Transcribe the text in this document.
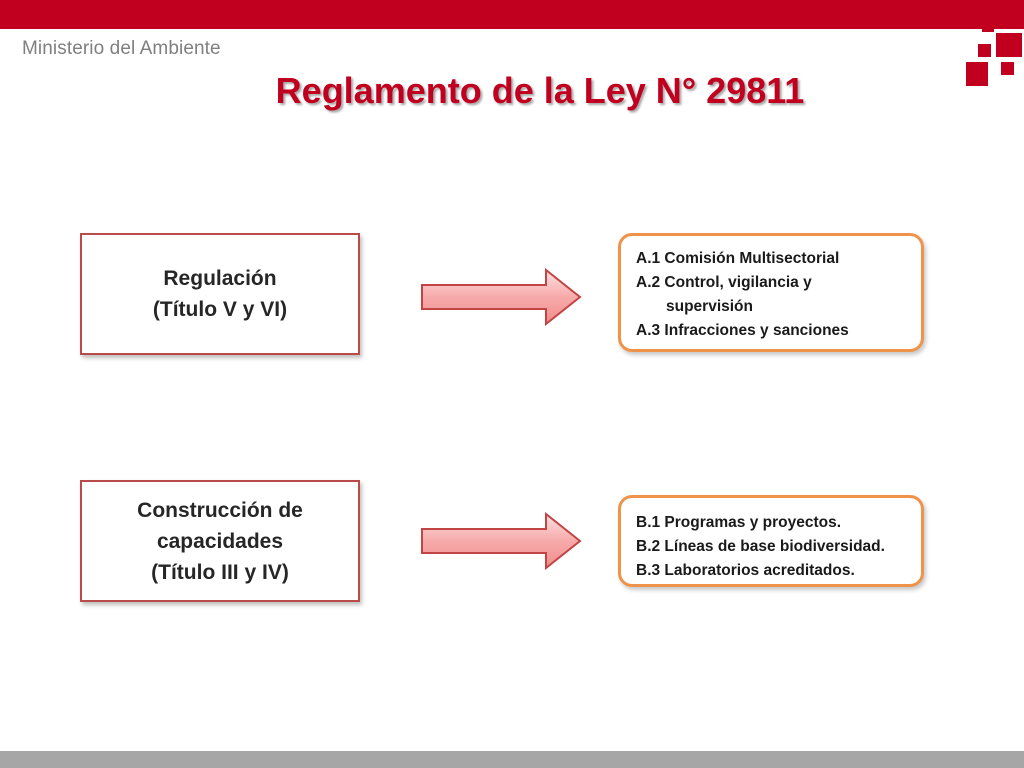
Ministerio del Ambiente
Reglamento de la Ley N° 29811
Regulación
(Título V y VI)
A.1 Comisión Multisectorial
A.2 Control, vigilancia y
supervisión
A.3 Infracciones y sanciones
Construcción de
capacidades
(Título III y IV)
B.1 Programas y proyectos.
B.2 Líneas de base biodiversidad.
B.3 Laboratorios acreditados.
